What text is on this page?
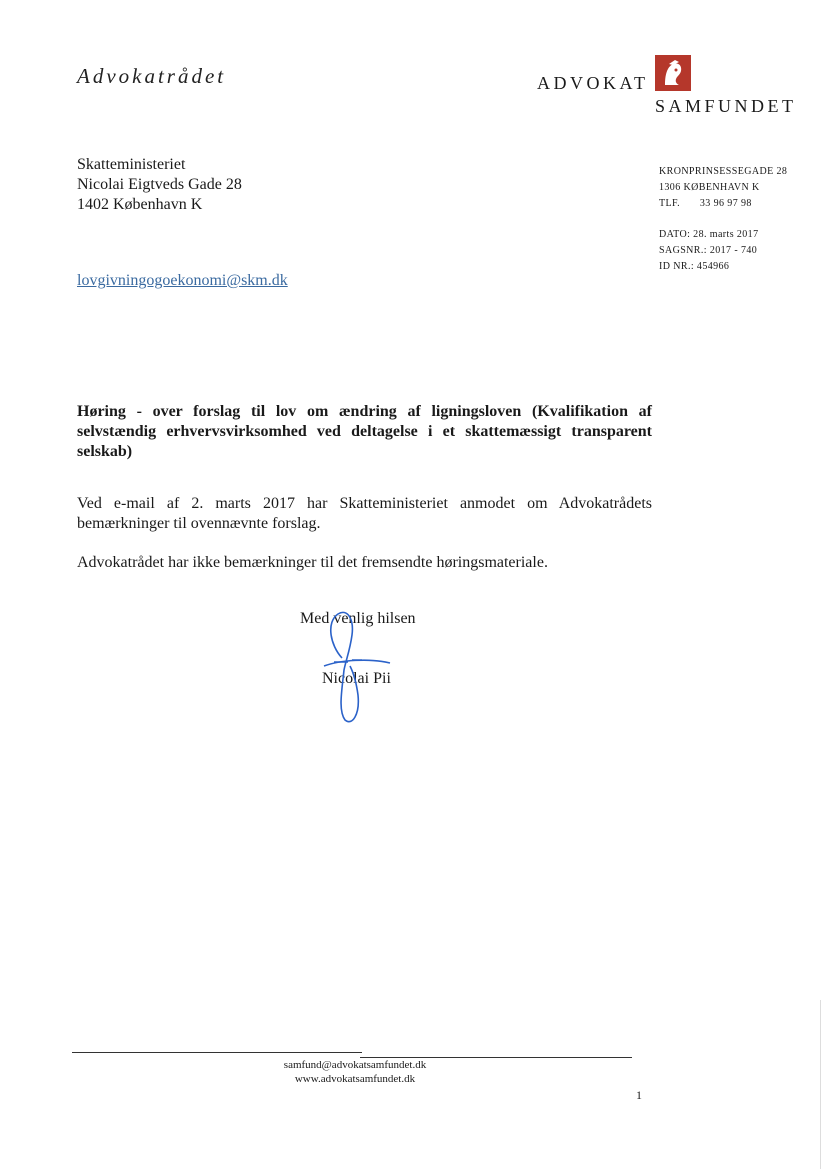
Advokatrådet	ADVOKAT
SAMFUNDET
Skatteministeriet
Nicolai Eigtveds Gade 28
1402 København K
lovgivningogoekonomi@skm.dk
KRONPRINSESSEGADE 28
1306 KØBENHAVN K
TLF. 33 96 97 98
DATO: 28. marts 2017
SAGSNR.: 2017 - 740
ID NR.: 454966
Høring - over forslag til lov om ændring af ligningsloven (Kvalifikation af selvstændig erhvervsvirksomhed ved deltagelse i et skattemæssigt transparent selskab)
Ved e-mail af 2. marts 2017 har Skatteministeriet anmodet om Advokatrådets bemærkninger til ovennævnte forslag.
Advokatrådet har ikke bemærkninger til det fremsendte høringsmateriale.
Med venlig hilsen
Nicolai Pii
samfund@advokatsamfundet.dk
www.advokatsamfundet.dk
1
